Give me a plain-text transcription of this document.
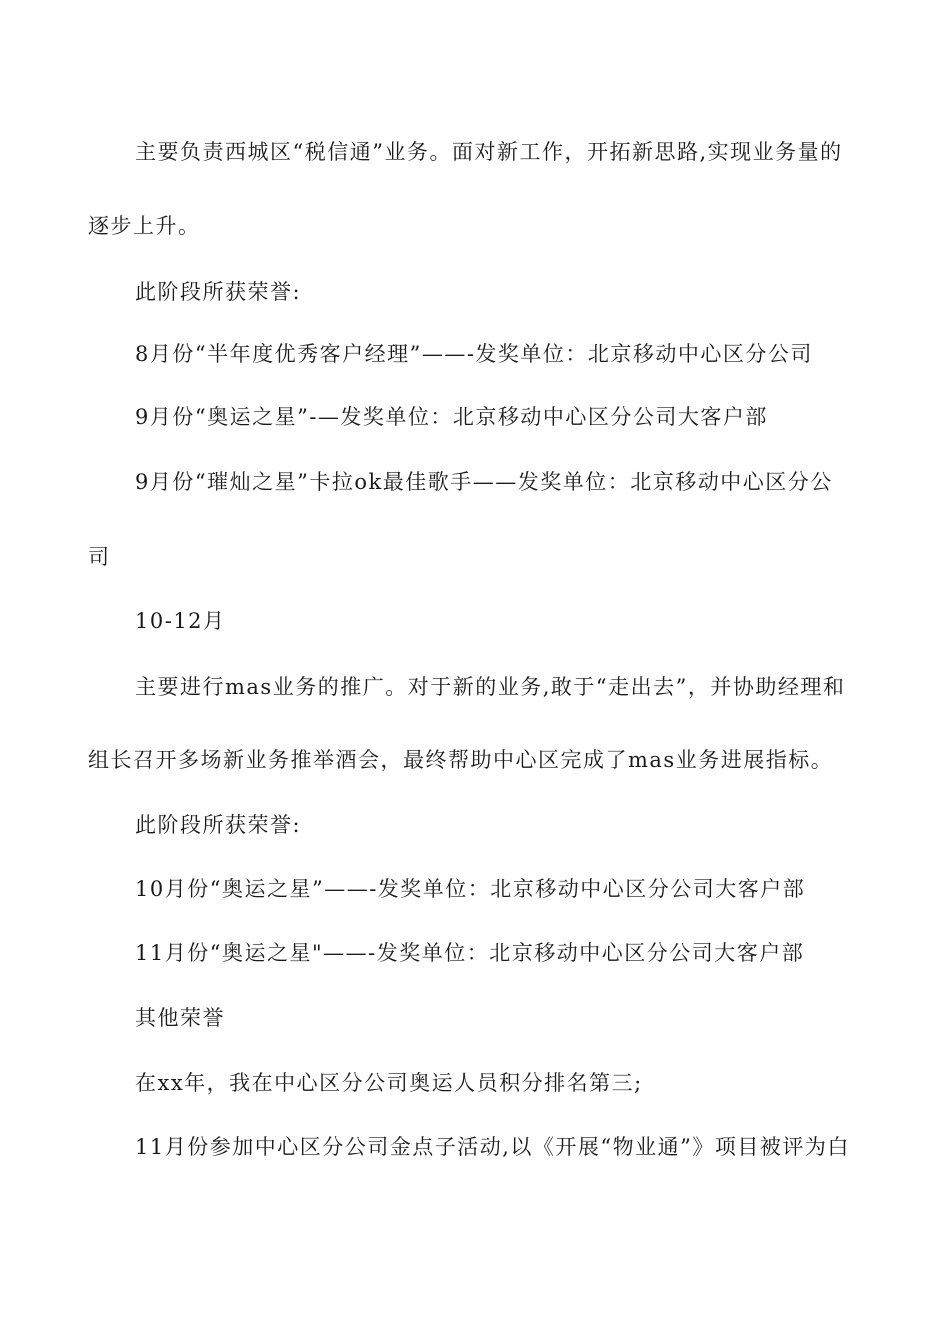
主要负责西城区“税信通”业务。面对新工作，开拓新思路,实现业务量的

逐步上升。

此阶段所获荣誉:

8月份“半年度优秀客户经理”——-发奖单位：北京移动中心区分公司

9月份“奥运之星”-—发奖单位：北京移动中心区分公司大客户部

9月份“璀灿之星”卡拉ok最佳歌手——发奖单位：北京移动中心区分公

司

10-12月

主要进行mas业务的推广。对于新的业务,敢于“走出去”，并协助经理和

组长召开多场新业务推举酒会，最终帮助中心区完成了mas业务进展指标。

此阶段所获荣誉:

10月份“奥运之星”——-发奖单位：北京移动中心区分公司大客户部

11月份“奥运之星"——-发奖单位：北京移动中心区分公司大客户部

其他荣誉

在xx年，我在中心区分公司奥运人员积分排名第三;

11月份参加中心区分公司金点子活动,以《开展“物业通”》项目被评为白
